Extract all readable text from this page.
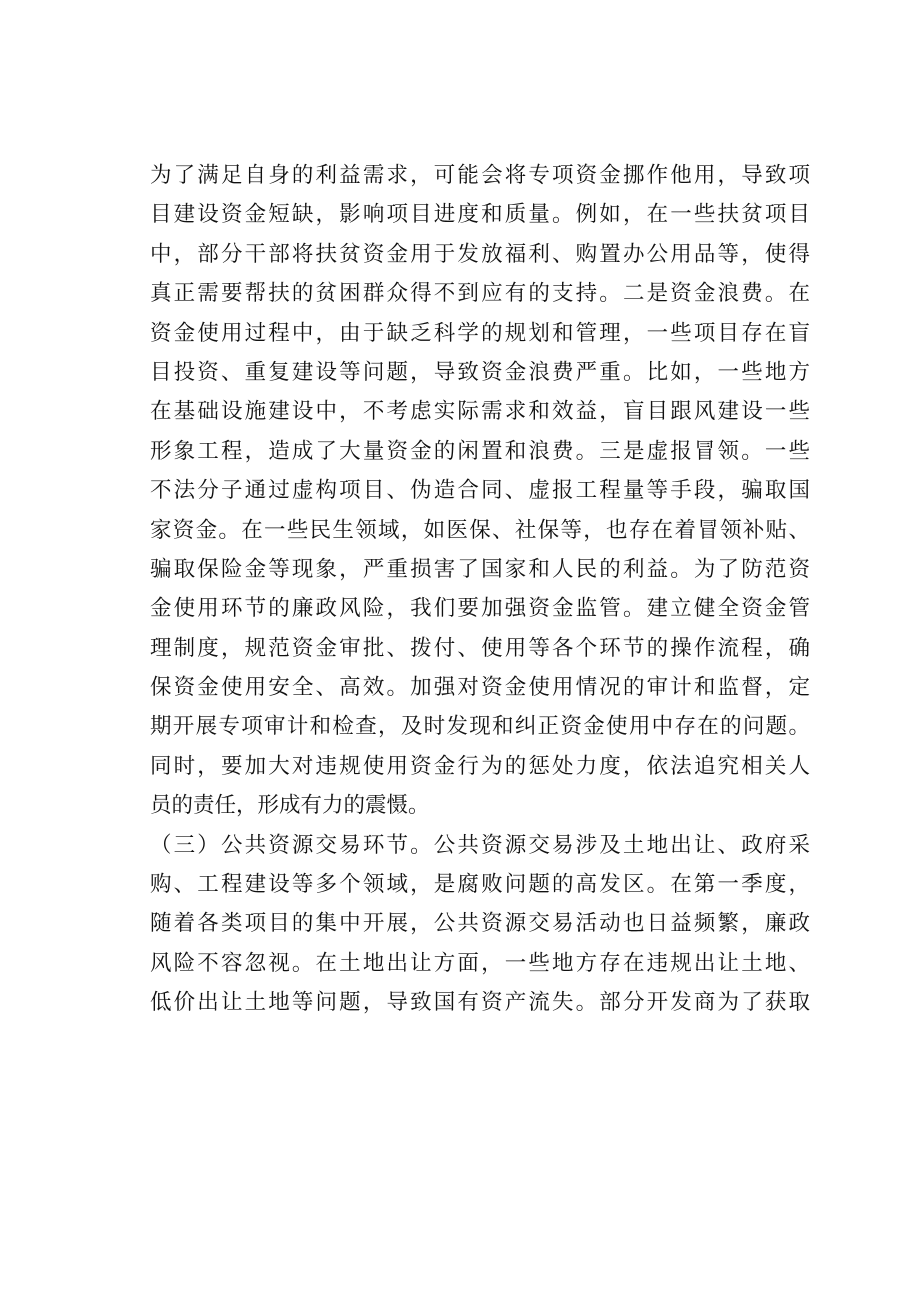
为了满足自身的利益需求，可能会将专项资金挪作他用，导致项
目建设资金短缺，影响项目进度和质量。例如，在一些扶贫项目
中，部分干部将扶贫资金用于发放福利、购置办公用品等，使得
真正需要帮扶的贫困群众得不到应有的支持。二是资金浪费。在
资金使用过程中，由于缺乏科学的规划和管理，一些项目存在盲
目投资、重复建设等问题，导致资金浪费严重。比如，一些地方
在基础设施建设中，不考虑实际需求和效益，盲目跟风建设一些
形象工程，造成了大量资金的闲置和浪费。三是虚报冒领。一些
不法分子通过虚构项目、伪造合同、虚报工程量等手段，骗取国
家资金。在一些民生领域，如医保、社保等，也存在着冒领补贴、
骗取保险金等现象，严重损害了国家和人民的利益。为了防范资
金使用环节的廉政风险，我们要加强资金监管。建立健全资金管
理制度，规范资金审批、拨付、使用等各个环节的操作流程，确
保资金使用安全、高效。加强对资金使用情况的审计和监督，定
期开展专项审计和检查，及时发现和纠正资金使用中存在的问题。
同时，要加大对违规使用资金行为的惩处力度，依法追究相关人
员的责任，形成有力的震慑。
（三）公共资源交易环节。公共资源交易涉及土地出让、政府采
购、工程建设等多个领域，是腐败问题的高发区。在第一季度，
随着各类项目的集中开展，公共资源交易活动也日益频繁，廉政
风险不容忽视。在土地出让方面，一些地方存在违规出让土地、
低价出让土地等问题，导致国有资产流失。部分开发商为了获取
